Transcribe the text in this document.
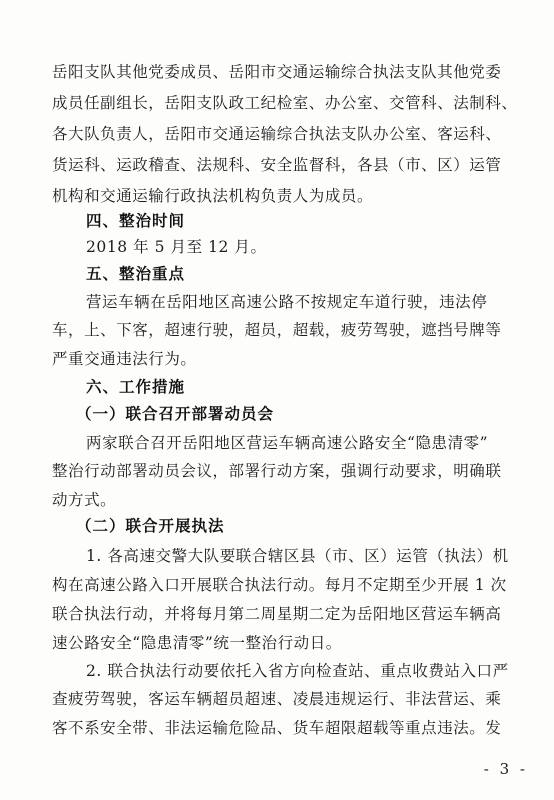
岳阳支队其他党委成员、岳阳市交通运输综合执法支队其他党委
成员任副组长，岳阳支队政工纪检室、办公室、交管科、法制科、
各大队负责人，岳阳市交通运输综合执法支队办公室、客运科、
货运科、运政稽查、法规科、安全监督科，各县（市、区）运管
机构和交通运输行政执法机构负责人为成员。
四、整治时间
2018 年 5 月至 12 月。
五、整治重点
营运车辆在岳阳地区高速公路不按规定车道行驶，违法停
车，上、下客，超速行驶，超员，超载，疲劳驾驶，遮挡号牌等
严重交通违法行为。
六、工作措施
（一）联合召开部署动员会
两家联合召开岳阳地区营运车辆高速公路安全“隐患清零”
整治行动部署动员会议，部署行动方案，强调行动要求，明确联
动方式。
（二）联合开展执法
1. 各高速交警大队要联合辖区县（市、区）运管（执法）机
构在高速公路入口开展联合执法行动。每月不定期至少开展 1 次
联合执法行动，并将每月第二周星期二定为岳阳地区营运车辆高
速公路安全“隐患清零”统一整治行动日。
2. 联合执法行动要依托入省方向检查站、重点收费站入口严
查疲劳驾驶，客运车辆超员超速、凌晨违规运行、非法营运、乘
客不系安全带、非法运输危险品、货车超限超载等重点违法。发
- 3 -
